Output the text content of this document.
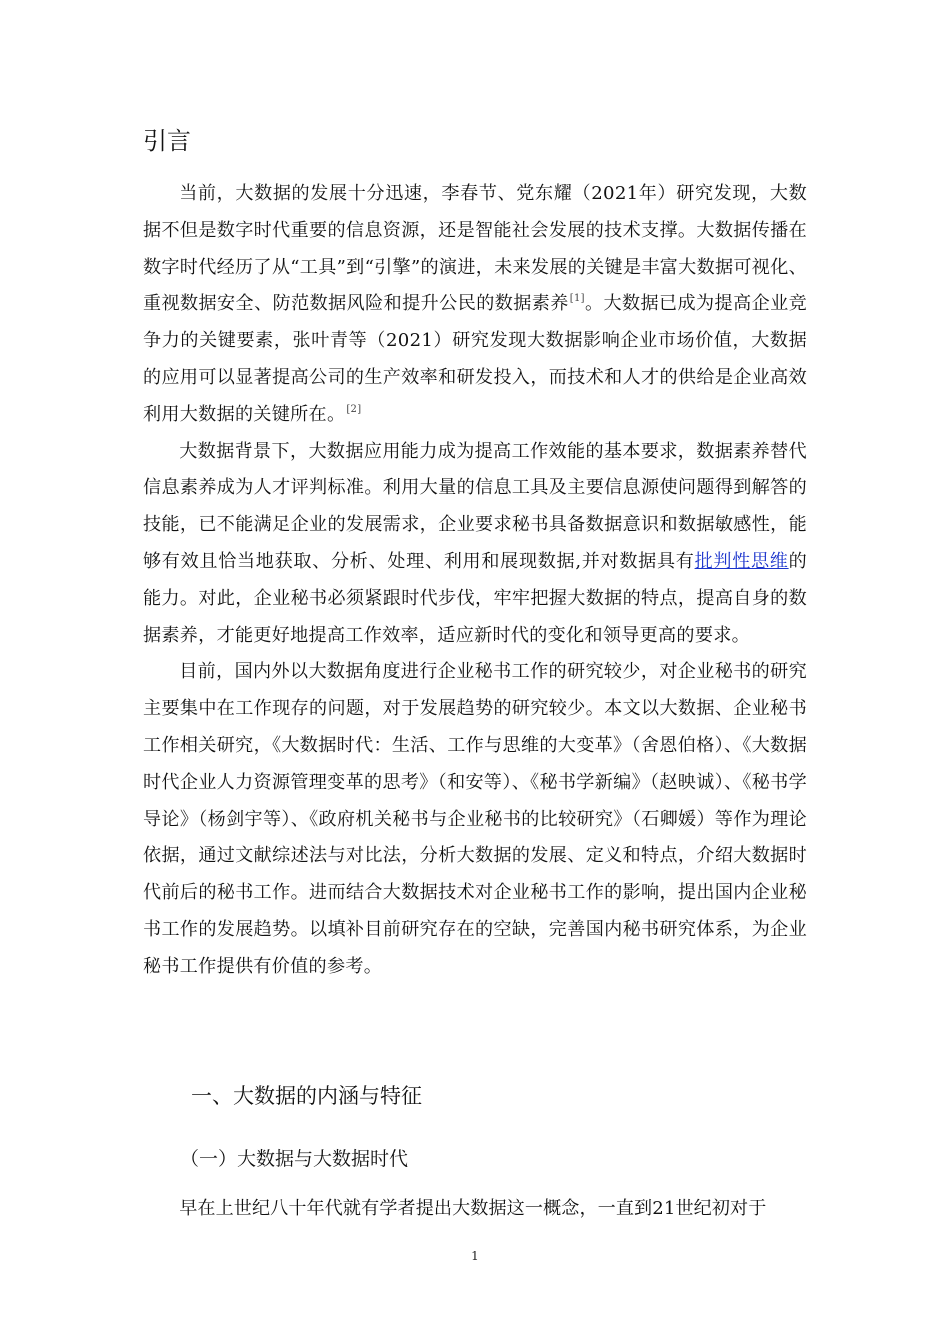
引言

当前，大数据的发展十分迅速，李春节、党东耀（2021年）研究发现，大数据不但是数字时代重要的信息资源，还是智能社会发展的技术支撑。大数据传播在数字时代经历了从“工具”到“引擎”的演进，未来发展的关键是丰富大数据可视化、重视数据安全、防范数据风险和提升公民的数据素养[1]。大数据已成为提高企业竞争力的关键要素，张叶青等（2021）研究发现大数据影响企业市场价值，大数据的应用可以显著提高公司的生产效率和研发投入，而技术和人才的供给是企业高效利用大数据的关键所在。[2]

大数据背景下，大数据应用能力成为提高工作效能的基本要求，数据素养替代信息素养成为人才评判标准。利用大量的信息工具及主要信息源使问题得到解答的技能，已不能满足企业的发展需求，企业要求秘书具备数据意识和数据敏感性，能够有效且恰当地获取、分析、处理、利用和展现数据,并对数据具有批判性思维的能力。对此，企业秘书必须紧跟时代步伐，牢牢把握大数据的特点，提高自身的数据素养，才能更好地提高工作效率，适应新时代的变化和领导更高的要求。

目前，国内外以大数据角度进行企业秘书工作的研究较少，对企业秘书的研究主要集中在工作现存的问题，对于发展趋势的研究较少。本文以大数据、企业秘书工作相关研究，《大数据时代：生活、工作与思维的大变革》（舍恩伯格）、《大数据时代企业人力资源管理变革的思考》（和安等）、《秘书学新编》（赵映诚）、《秘书学导论》（杨剑宇等）、《政府机关秘书与企业秘书的比较研究》（石卿媛）等作为理论依据，通过文献综述法与对比法，分析大数据的发展、定义和特点，介绍大数据时代前后的秘书工作。进而结合大数据技术对企业秘书工作的影响，提出国内企业秘书工作的发展趋势。以填补目前研究存在的空缺，完善国内秘书研究体系，为企业秘书工作提供有价值的参考。

一、大数据的内涵与特征
（一）大数据与大数据时代

早在上世纪八十年代就有学者提出大数据这一概念，一直到21世纪初对于

1
